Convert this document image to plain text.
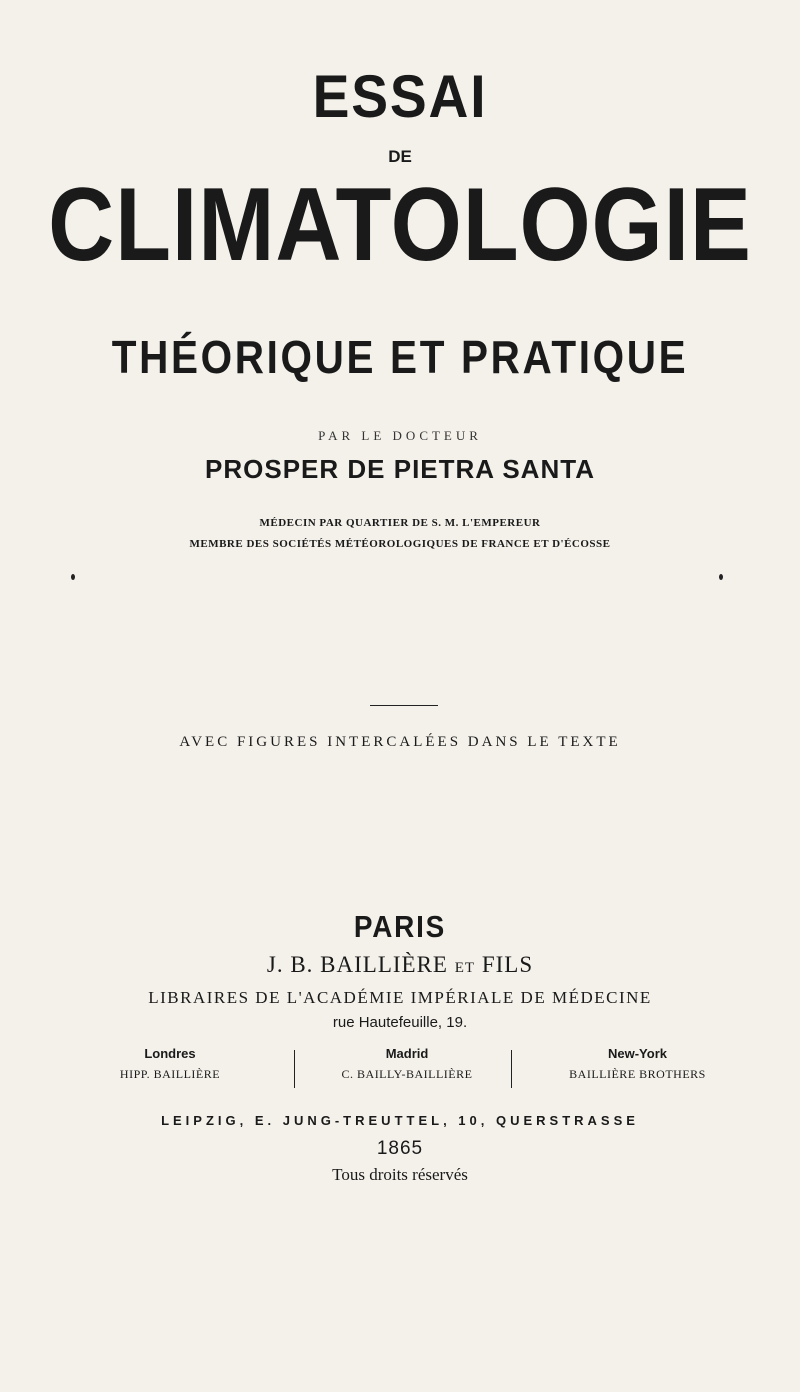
ESSAI
DE
CLIMATOLOGIE
THÉORIQUE ET PRATIQUE
PAR LE DOCTEUR
PROSPER DE PIETRA SANTA
MÉDECIN PAR QUARTIER DE S. M. L'EMPEREUR
MEMBRE DES SOCIÉTÉS MÉTÉOROLOGIQUES DE FRANCE ET D'ÉCOSSE
AVEC FIGURES INTERCALÉES DANS LE TEXTE
PARIS
J. B. BAILLIÈRE ET FILS
LIBRAIRES DE L'ACADÉMIE IMPÉRIALE DE MÉDECINE
rue Hautefeuille, 19.
Londres
HIPP. BAILLIÈRE
Madrid
C. BAILLY-BAILLIÈRE
New-York
BAILLIÈRE BROTHERS
LEIPZIG, E. JUNG-TREUTTEL, 10, QUERSTRASSE
1865
Tous droits réservés
